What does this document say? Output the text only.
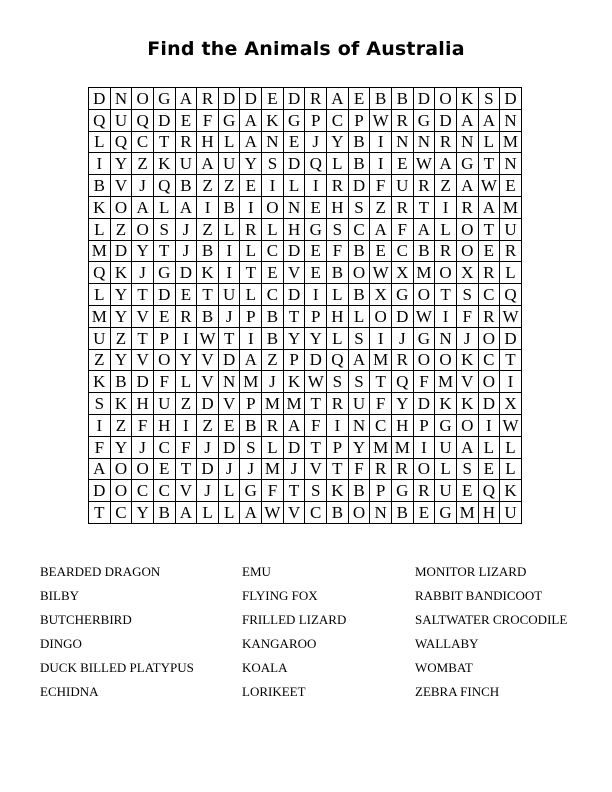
Find the Animals of Australia
D N O G A R D D E D R A E B B D O K S D
Q U Q D E F G A K G P C P W R G D A A N
L Q C T R H L A N E J Y B I N N R N L M
I Y Z K U A U Y S D Q L B I E W A G T N
B V J Q B Z Z E I L I R D F U R Z A W E
K O A L A I B I O N E H S Z R T I R A M
L Z O S J Z L R L H G S C A F A L O T U
M D Y T J B I L C D E F B E C B R O E R
Q K J G D K I T E V E B O W X M O X R L
L Y T D E T U L C D I L B X G O T S C Q
M Y V E R B J P B T P H L O D W I F R W
U Z T P I W T I B Y Y L S I J G N J O D
Z Y V O Y V D A Z P D Q A M R O O K C T
K B D F L V N M J K W S S T Q F M V O I
S K H U Z D V P M M T R U F Y D K K D X
I Z F H I Z E B R A F I N C H P G O I W
F Y J C F J D S L D T P Y M M I U A L L
A O O E T D J J M J V T F R R O L S E L
D O C C V J L G F T S K B P G R U E Q K
T C Y B A L L A W V C B O N B E G M H U
BEARDED DRAGON
BILBY
BUTCHERBIRD
DINGO
DUCK BILLED PLATYPUS
ECHIDNA
EMU
FLYING FOX
FRILLED LIZARD
KANGAROO
KOALA
LORIKEET
MONITOR LIZARD
RABBIT BANDICOOT
SALTWATER CROCODILE
WALLABY
WOMBAT
ZEBRA FINCH
